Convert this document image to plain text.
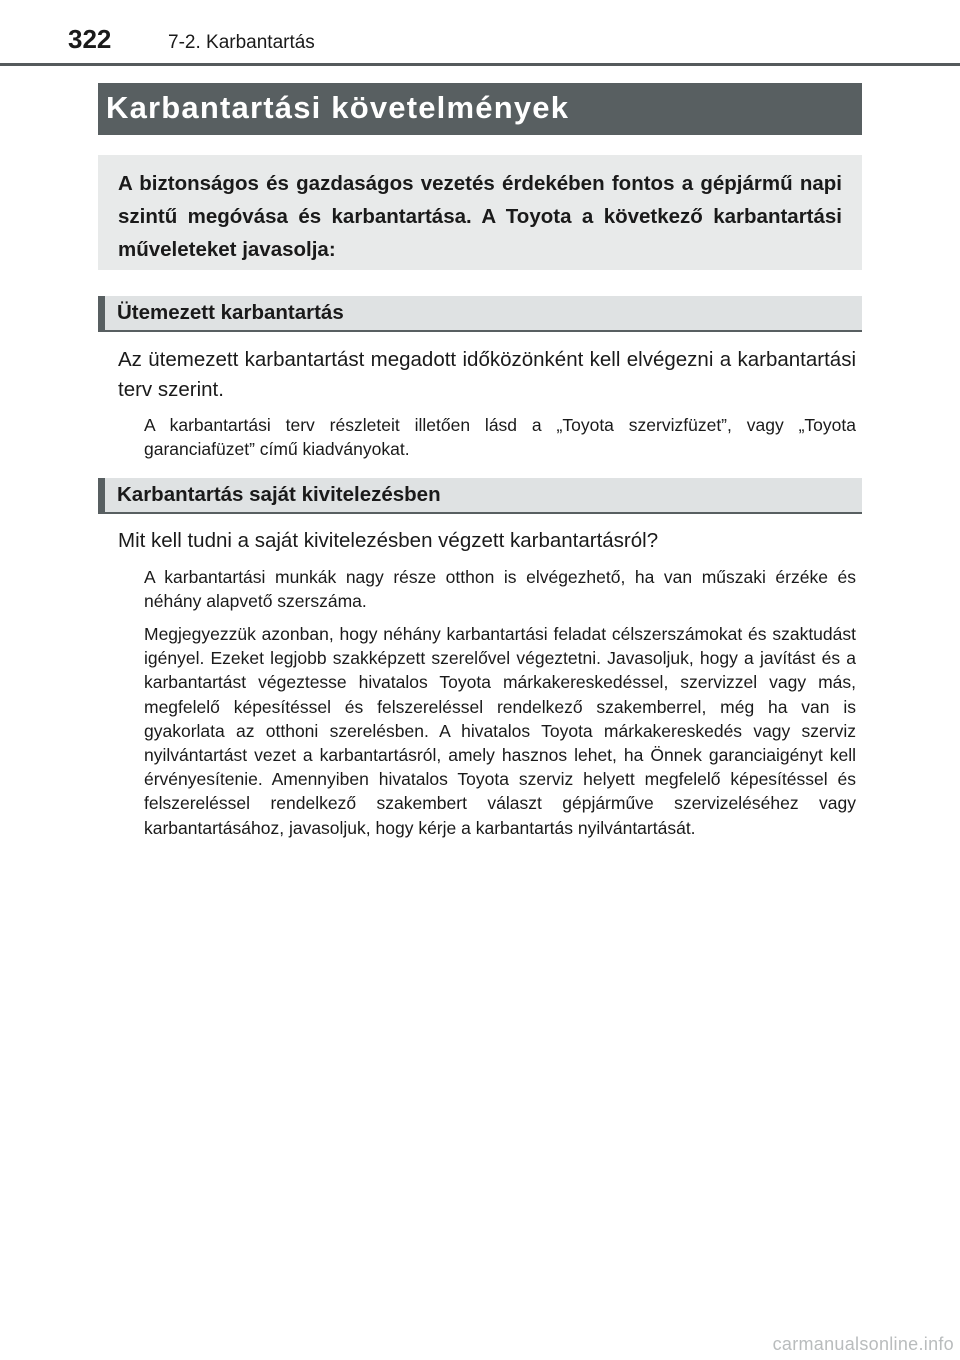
322	7-2. Karbantartás
Karbantartási követelmények

A biztonságos és gazdaságos vezetés érdekében fontos a gépjármű napi szintű megóvása és karbantartása. A Toyota a következő karbantartási műveleteket javasolja:

Ütemezett karbantartás

Az ütemezett karbantartást megadott időközönként kell elvégezni a karbantartási terv szerint.

A karbantartási terv részleteit illetően lásd a „Toyota szervizfüzet”, vagy „Toyota garanciafüzet” című kiadványokat.

Karbantartás saját kivitelezésben

Mit kell tudni a saját kivitelezésben végzett karbantartásról?

A karbantartási munkák nagy része otthon is elvégezhető, ha van műszaki érzéke és néhány alapvető szerszáma.

Megjegyezzük azonban, hogy néhány karbantartási feladat célszerszámokat és szaktudást igényel. Ezeket legjobb szakképzett szerelővel végeztetni. Javasoljuk, hogy a javítást és a karbantartást végeztesse hivatalos Toyota márkakereskedéssel, szervizzel vagy más, megfelelő képesítéssel és felszereléssel rendelkező szakemberrel, még ha van is gyakorlata az otthoni szerelésben. A hivatalos Toyota márkakereskedés vagy szerviz nyilvántartást vezet a karbantartásról, amely hasznos lehet, ha Önnek garanciaigényt kell érvényesítenie. Amennyiben hivatalos Toyota szerviz helyett megfelelő képesítéssel és felszereléssel rendelkező szakembert választ gépjárműve szervizeléséhez vagy karbantartásához, javasoljuk, hogy kérje a karbantartás nyilvántartását.

carmanualsonline.info
